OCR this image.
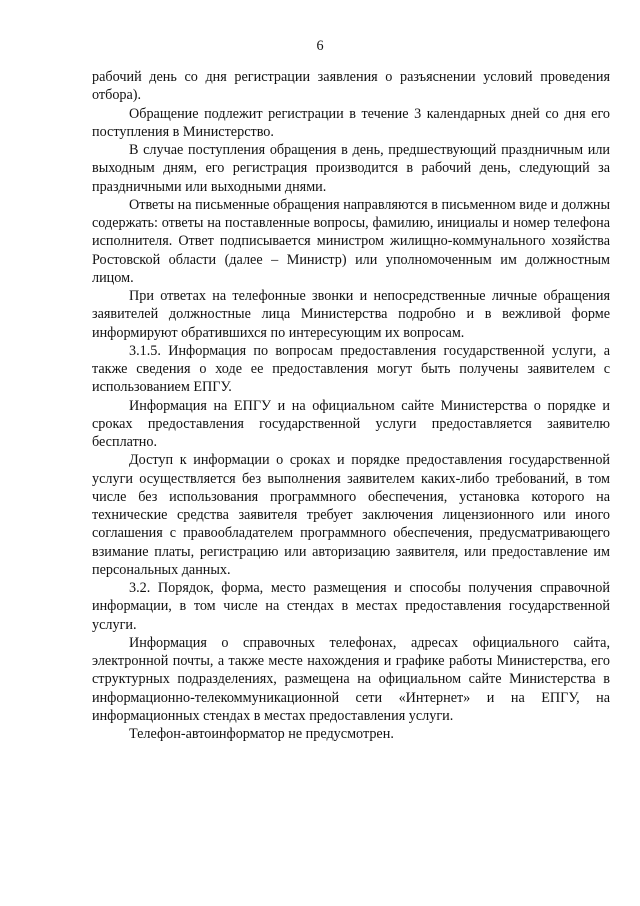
6

рабочий день со дня регистрации заявления о разъяснении условий проведения отбора).

Обращение подлежит регистрации в течение 3 календарных дней со дня его поступления в Министерство.

В случае поступления обращения в день, предшествующий праздничным или выходным дням, его регистрация производится в рабочий день, следующий за праздничными или выходными днями.

Ответы на письменные обращения направляются в письменном виде и должны содержать: ответы на поставленные вопросы, фамилию, инициалы и номер телефона исполнителя. Ответ подписывается министром жилищно-коммунального хозяйства Ростовской области (далее – Министр) или уполномоченным им должностным лицом.

При ответах на телефонные звонки и непосредственные личные обращения заявителей должностные лица Министерства подробно и в вежливой форме информируют обратившихся по интересующим их вопросам.

3.1.5. Информация по вопросам предоставления государственной услуги, а также сведения о ходе ее предоставления могут быть получены заявителем с использованием ЕПГУ.

Информация на ЕПГУ и на официальном сайте Министерства о порядке и сроках предоставления государственной услуги предоставляется заявителю бесплатно.

Доступ к информации о сроках и порядке предоставления государственной услуги осуществляется без выполнения заявителем каких-либо требований, в том числе без использования программного обеспечения, установка которого на технические средства заявителя требует заключения лицензионного или иного соглашения с правообладателем программного обеспечения, предусматривающего взимание платы, регистрацию или авторизацию заявителя, или предоставление им персональных данных.

3.2. Порядок, форма, место размещения и способы получения справочной информации, в том числе на стендах в местах предоставления государственной услуги.

Информация о справочных телефонах, адресах официального сайта, электронной почты, а также месте нахождения и графике работы Министерства, его структурных подразделениях, размещена на официальном сайте Министерства в информационно-телекоммуникационной сети «Интернет» и на ЕПГУ, на информационных стендах в местах предоставления услуги.

Телефон-автоинформатор не предусмотрен.
